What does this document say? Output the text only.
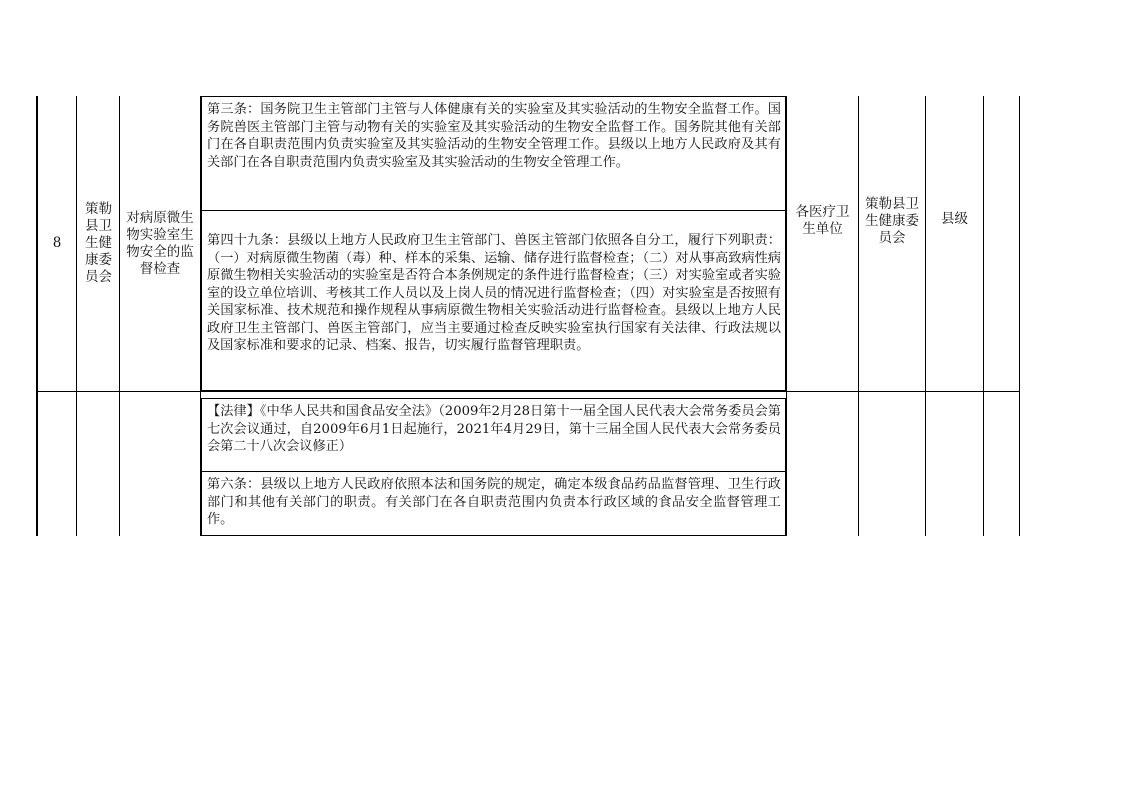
8
策勒县卫生健康委员会
对病原微生物实验室生物安全的监督检查
第三条：国务院卫生主管部门主管与人体健康有关的实验室及其实验活动的生物安全监督工作。国务院兽医主管部门主管与动物有关的实验室及其实验活动的生物安全监督工作。国务院其他有关部门在各自职责范围内负责实验室及其实验活动的生物安全管理工作。县级以上地方人民政府及其有关部门在各自职责范围内负责实验室及其实验活动的生物安全管理工作。
第四十九条：县级以上地方人民政府卫生主管部门、兽医主管部门依照各自分工，履行下列职责：（一）对病原微生物菌（毒）种、样本的采集、运输、储存进行监督检查；（二）对从事高致病性病原微生物相关实验活动的实验室是否符合本条例规定的条件进行监督检查；（三）对实验室或者实验室的设立单位培训、考核其工作人员以及上岗人员的情况进行监督检查；（四）对实验室是否按照有关国家标准、技术规范和操作规程从事病原微生物相关实验活动进行监督检查。县级以上地方人民政府卫生主管部门、兽医主管部门，应当主要通过检查反映实验室执行国家有关法律、行政法规以及国家标准和要求的记录、档案、报告，切实履行监督管理职责。
各医疗卫生单位
策勒县卫生健康委员会
县级
【法律】《中华人民共和国食品安全法》（2009年2月28日第十一届全国人民代表大会常务委员会第七次会议通过，自2009年6月1日起施行，2021年4月29日，第十三届全国人民代表大会常务委员会第二十八次会议修正）
第六条：县级以上地方人民政府依照本法和国务院的规定，确定本级食品药品监督管理、卫生行政部门和其他有关部门的职责。有关部门在各自职责范围内负责本行政区域的食品安全监督管理工作。
